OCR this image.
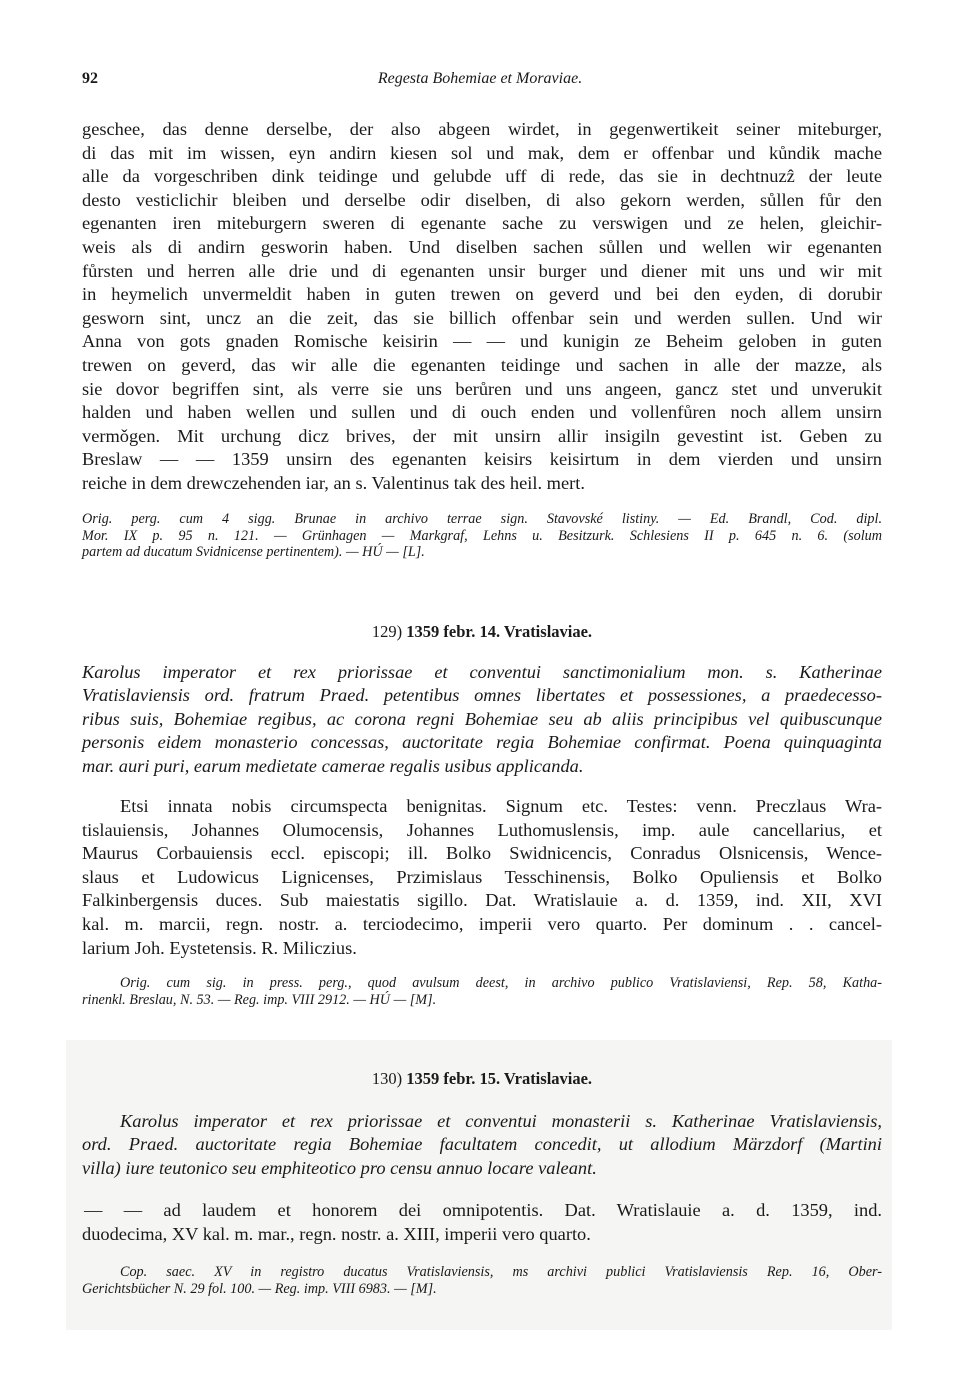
92	Regesta Bohemiae et Moraviae.
geschee, das denne derselbe, der also abgeen wirdet, in gegenwertikeit seiner miteburger,
di das mit im wissen, eyn andirn kiesen sol und mak, dem er offenbar und kůndik mache
alle da vorgeschriben dink teidinge und gelubde uff di rede, das sie in dechtnuzẑ der leute
desto vesticlichir bleiben und derselbe odir diselben, di also gekorn werden, sůllen fůr den
egenanten iren miteburgern sweren di egenante sache zu verswigen und ze helen, gleichir-
weis als di andirn gesworin haben. Und diselben sachen sůllen und wellen wir egenanten
fůrsten und herren alle drie und di egenanten unsir burger und diener mit uns und wir mit
in heymelich unvermeldit haben in guten trewen on geverd und bei den eyden, di dorubir
gesworn sint, uncz an die zeit, das sie billich offenbar sein und werden sullen. Und wir
Anna von gots gnaden Romische keisirin — — und kunigin ze Beheim geloben in guten
trewen on geverd, das wir alle die egenanten teidinge und sachen in alle der mazze, als
sie dovor begriffen sint, als verre sie uns berůren und uns angeen, gancz stet und unverukit
halden und haben wellen und sullen und di ouch enden und vollenfůren noch allem unsirn
vermǒgen. Mit urchung dicz brives, der mit unsirn allir insigiln gevestint ist. Geben zu
Breslaw — — 1359 unsirn des egenanten keisirs keisirtum in dem vierden und unsirn
reiche in dem drewczehenden iar, an s. Valentinus tak des heil. mert.
Orig. perg. cum 4 sigg. Brunae in archivo terrae sign. Stavovské listiny. — Ed. Brandl, Cod. dipl.
Mor. IX p. 95 n. 121. — Grünhagen — Markgraf, Lehns u. Besitzurk. Schlesiens II p. 645 n. 6. (solum
partem ad ducatum Svidnicense pertinentem). — HÚ — [L].
129) 1359 febr. 14. Vratislaviae.
Karolus imperator et rex priorissae et conventui sanctimonialium mon. s. Katherinae
Vratislaviensis ord. fratrum Praed. petentibus omnes libertates et possessiones, a praedecesso-
ribus suis, Bohemiae regibus, ac corona regni Bohemiae seu ab aliis principibus vel quibuscunque
personis eidem monasterio concessas, auctoritate regia Bohemiae confirmat. Poena quinquaginta
mar. auri puri, earum medietate camerae regalis usibus applicanda.
Etsi innata nobis circumspecta benignitas. Signum etc. Testes: venn. Preczlaus Wra-
tislauiensis, Johannes Olumocensis, Johannes Luthomuslensis, imp. aule cancellarius, et
Maurus Corbauiensis eccl. episcopi; ill. Bolko Swidnicencis, Conradus Olsnicensis, Wence-
slaus et Ludowicus Lignicenses, Przimislaus Tesschinensis, Bolko Opuliensis et Bolko
Falkinbergensis duces. Sub maiestatis sigillo. Dat. Wratislauie a. d. 1359, ind. XII, XVI
kal. m. marcii, regn. nostr. a. terciodecimo, imperii vero quarto. Per dominum . . cancel-
larium Joh. Eystetensis. R. Miliczius.
Orig. cum sig. in press. perg., quod avulsum deest, in archivo publico Vratislaviensi, Rep. 58, Katha-
rinenkl. Breslau, N. 53. — Reg. imp. VIII 2912. — HÚ — [M].
130) 1359 febr. 15. Vratislaviae.
Karolus imperator et rex priorissae et conventui monasterii s. Katherinae Vratislaviensis,
ord. Praed. auctoritate regia Bohemiae facultatem concedit, ut allodium Märzdorf (Martini
villa) iure teutonico seu emphiteotico pro censu annuo locare valeant.
— — ad laudem et honorem dei omnipotentis. Dat. Wratislauie a. d. 1359, ind.
duodecima, XV kal. m. mar., regn. nostr. a. XIII, imperii vero quarto.
Cop. saec. XV in registro ducatus Vratislaviensis, ms archivi publici Vratislaviensis Rep. 16, Ober-
Gerichtsbücher N. 29 fol. 100. — Reg. imp. VIII 6983. — [M].
